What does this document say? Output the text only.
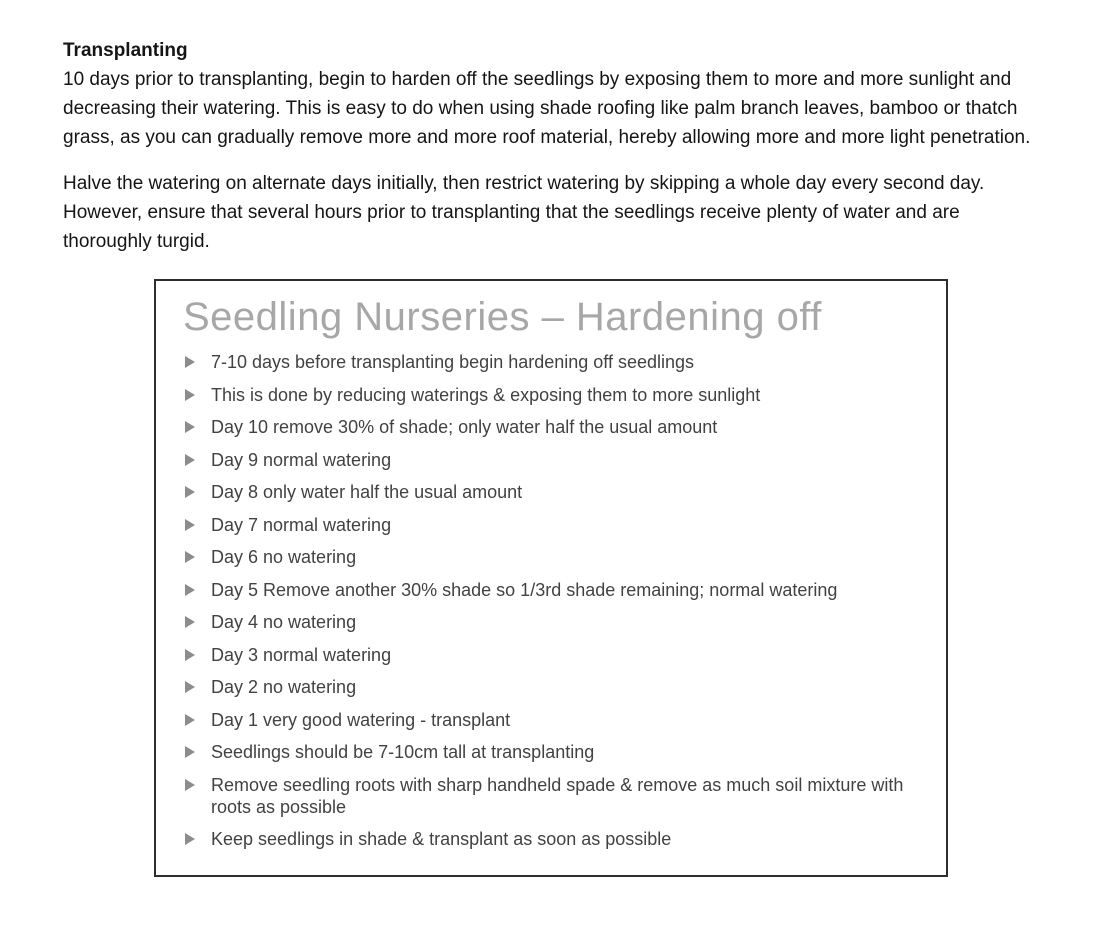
Transplanting

10 days prior to transplanting, begin to harden off the seedlings by exposing them to more and more sunlight and decreasing their watering. This is easy to do when using shade roofing like palm branch leaves, bamboo or thatch grass, as you can gradually remove more and more roof material, hereby allowing more and more light penetration.

Halve the watering on alternate days initially, then restrict watering by skipping a whole day every second day. However, ensure that several hours prior to transplanting that the seedlings receive plenty of water and are thoroughly turgid.

Seedling Nurseries – Hardening off
7-10 days before transplanting begin hardening off seedlings
This is done by reducing waterings & exposing them to more sunlight
Day 10 remove 30% of shade; only water half the usual amount
Day 9 normal watering
Day 8 only water half the usual amount
Day 7 normal watering
Day 6 no watering
Day 5 Remove another 30% shade so 1/3rd shade remaining; normal watering
Day 4 no watering
Day 3 normal watering
Day 2 no watering
Day 1 very good watering - transplant
Seedlings should be 7-10cm tall at transplanting
Remove seedling roots with sharp handheld spade & remove as much soil mixture with roots as possible
Keep seedlings in shade & transplant as soon as possible
